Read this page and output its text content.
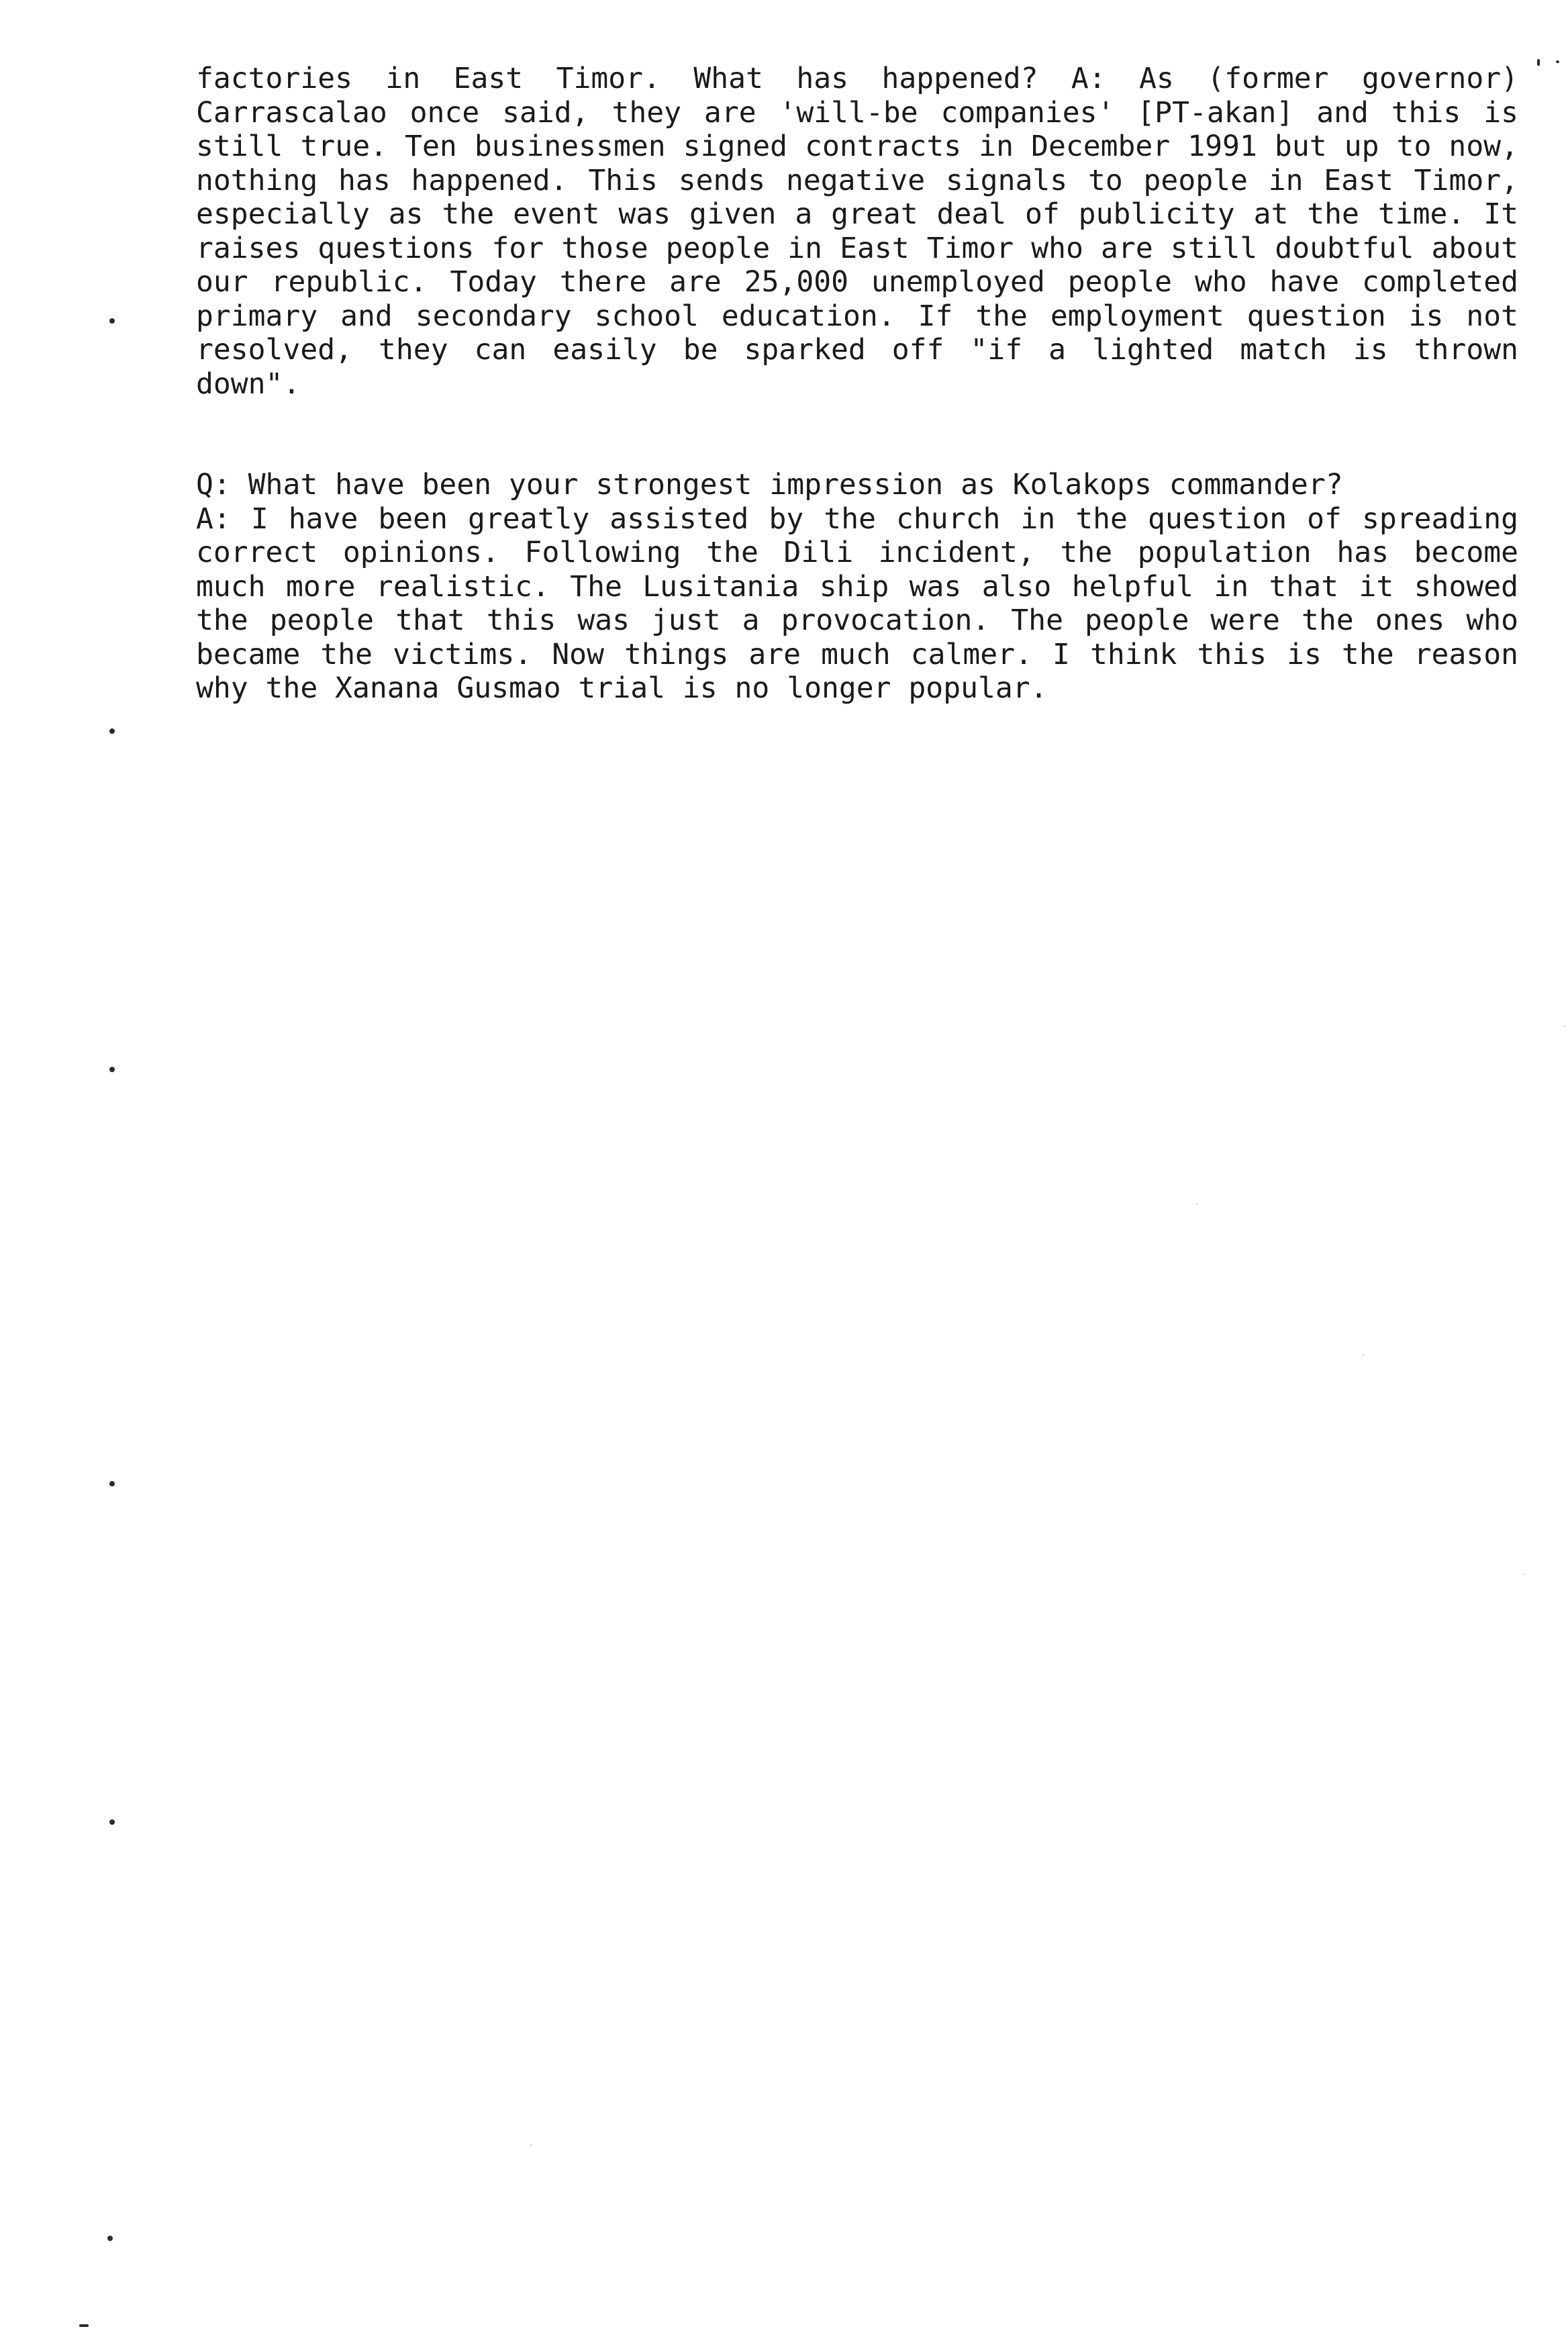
factories in East Timor. What has happened? A: As (former governor) Carrascalao once said, they are 'will-be companies' [PT-akan] and this is still true. Ten businessmen signed contracts in December 1991 but up to now, nothing has happened. This sends negative signals to people in East Timor, especially as the event was given a great deal of publicity at the time. It raises questions for those people in East Timor who are still doubtful about our republic. Today there are 25,000 unemployed people who have completed primary and secondary school education. If the employment question is not resolved, they can easily be sparked off "if a lighted match is thrown down".

Q: What have been your strongest impression as Kolakops commander?

A: I have been greatly assisted by the church in the question of spreading correct opinions. Following the Dili incident, the population has become much more realistic. The Lusitania ship was also helpful in that it showed the people that this was just a provocation. The people were the ones who became the victims. Now things are much calmer. I think this is the reason why the Xanana Gusmao trial is no longer popular.
